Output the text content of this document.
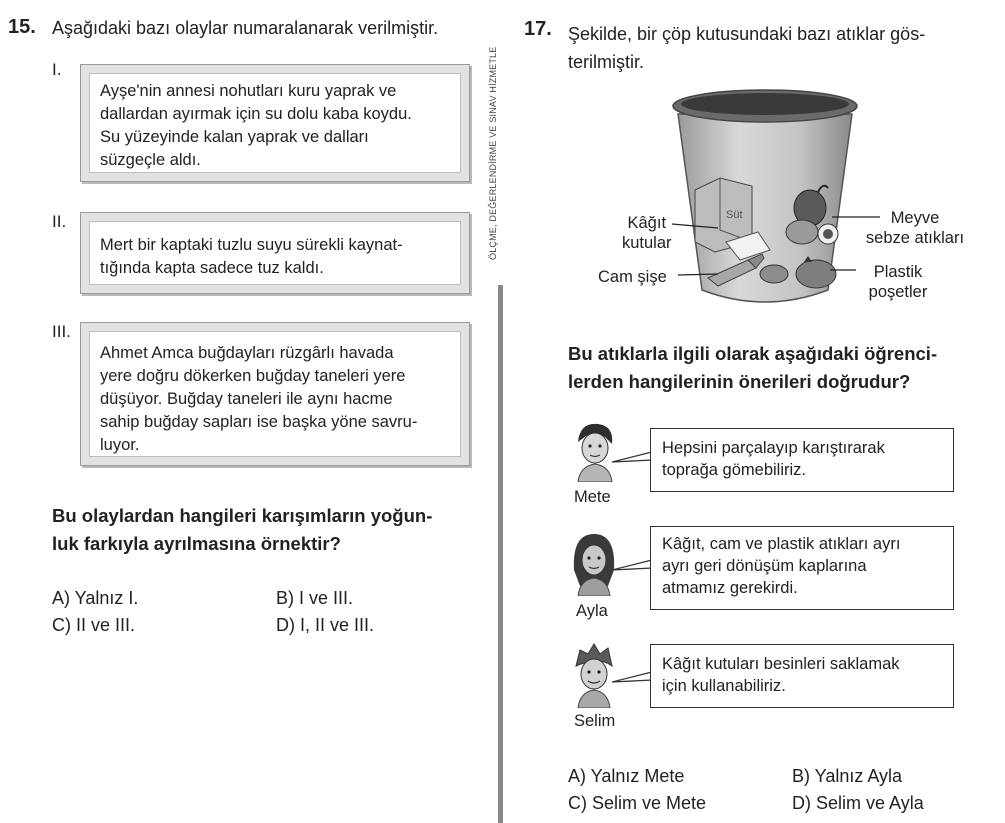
15. Aşağıdaki bazı olaylar numaralanarak verilmiştir.
I.
Ayşe'nin annesi nohutları kuru yaprak ve
dallardan ayırmak için su dolu kaba koydu.
Su yüzeyinde kalan yaprak ve dalları
süzgeçle aldı.
II.
Mert bir kaptaki tuzlu suyu sürekli kaynat-
tığında kapta sadece tuz kaldı.
III.
Ahmet Amca buğdayları rüzgârlı havada
yere doğru dökerken buğday taneleri yere
düşüyor. Buğday taneleri ile aynı hacme
sahip buğday sapları ise başka yöne savru-
luyor.
Bu olaylardan hangileri karışımların yoğun-
luk farkıyla ayrılmasına örnektir?
A) Yalnız I.	B) I ve III.
C) II ve III.	D) I, II ve III.
ÖLÇME, DEĞERLENDİRME VE SINAV HİZMETLE
17. Şekilde, bir çöp kutusundaki bazı atıklar gös-
terilmiştir.
Süt
Kâğıt
kutular
Cam şişe
Meyve
sebze atıkları
Plastik
poşetler
Bu atıklarla ilgili olarak aşağıdaki öğrenci-
lerden hangilerinin önerileri doğrudur?
Mete
Hepsini parçalayıp karıştırarak
toprağa gömebiliriz.
Ayla
Kâğıt, cam ve plastik atıkları ayrı
ayrı geri dönüşüm kaplarına
atmamız gerekirdi.
Selim
Kâğıt kutuları besinleri saklamak
için kullanabiliriz.
A) Yalnız Mete	B) Yalnız Ayla
C) Selim ve Mete	D) Selim ve Ayla
